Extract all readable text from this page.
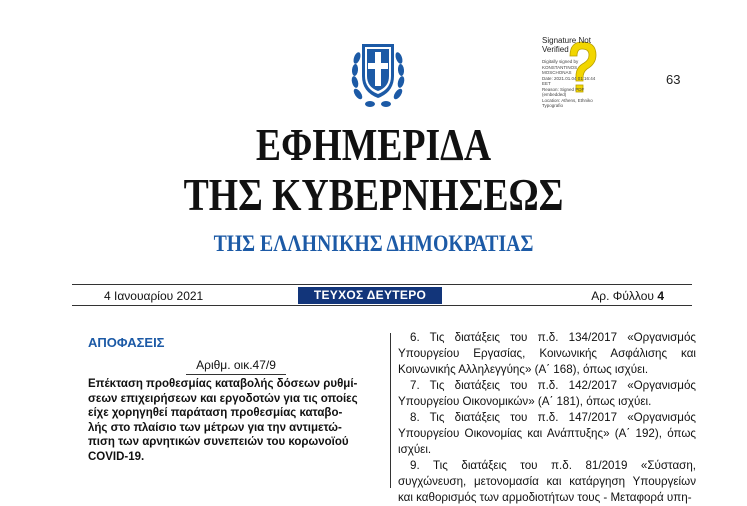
Signature Not
Verified
Digitally signed by
KONSTANTINOS
MOSCHONAS
Date: 2021.01.04 01:16:44
EET
Reason: Signed PDF
(embedded)
Location: Athens, Ethniko
Typografio
63
ΕΦΗΜΕΡΙΔΑ
ΤΗΣ ΚΥΒΕΡΝΗΣΕΩΣ
ΤΗΣ ΕΛΛΗΝΙΚΗΣ ΔΗΜΟΚΡΑΤΙΑΣ
4 Ιανουαρίου 2021	ΤΕΥΧΟΣ ΔΕΥΤΕΡΟ	Αρ. Φύλλου 4
ΑΠΟΦΑΣΕΙΣ
Αριθμ. οικ.47/9
Επέκταση προθεσμίας καταβολής δόσεων ρυθμί-
σεων επιχειρήσεων και εργοδοτών για τις οποίες
είχε χορηγηθεί παράταση προθεσμίας καταβο-
λής στο πλαίσιο των μέτρων για την αντιμετώ-
πιση των αρνητικών συνεπειών του κορωνοϊού
COVID-19.

6. Τις διατάξεις του π.δ. 134/2017 «Οργανισμός Υπουργείου Εργασίας, Κοινωνικής Ασφάλισης και Κοινωνικής Αλληλεγγύης» (Α΄ 168), όπως ισχύει.

7. Τις διατάξεις του π.δ. 142/2017 «Οργανισμός Υπουργείου Οικονομικών» (Α΄ 181), όπως ισχύει.

8. Τις διατάξεις του π.δ. 147/2017 «Οργανισμός Υπουργείου Οικονομίας και Ανάπτυξης» (Α΄ 192), όπως ισχύει.

9. Τις διατάξεις του π.δ. 81/2019 «Σύσταση, συγχώνευση, μετονομασία και κατάργηση Υπουργείων και καθορισμός των αρμοδιοτήτων τους - Μεταφορά υπη-
